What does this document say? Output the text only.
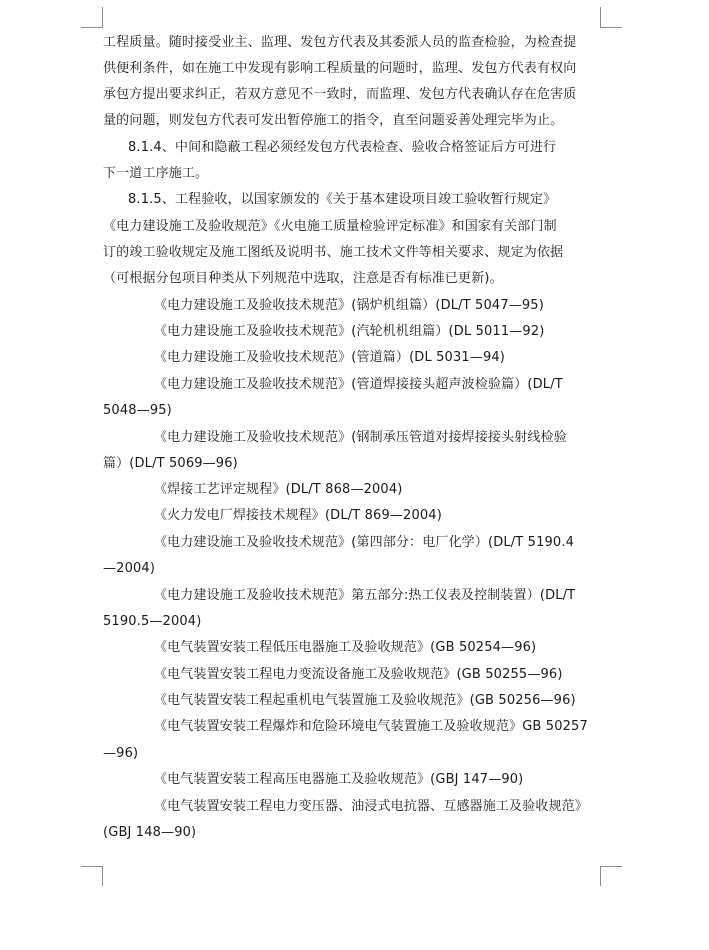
工程质量。随时接受业主、监理、发包方代表及其委派人员的监查检验，为检查提
供便利条件，如在施工中发现有影响工程质量的问题时，监理、发包方代表有权向
承包方提出要求纠正，若双方意见不一致时，而监理、发包方代表确认存在危害质
量的问题，则发包方代表可发出暂停施工的指令，直至问题妥善处理完毕为止。
8.1.4、中间和隐蔽工程必须经发包方代表检查、验收合格签证后方可进行
下一道工序施工。
8.1.5、工程验收，以国家颁发的《关于基本建设项目竣工验收暂行规定》
《电力建设施工及验收规范》《火电施工质量检验评定标准》和国家有关部门制
订的竣工验收规定及施工图纸及说明书、施工技术文件等相关要求、规定为依据
（可根据分包项目种类从下列规范中选取，注意是否有标准已更新)。
《电力建设施工及验收技术规范》(锅炉机组篇）(DL/T 5047—95)
《电力建设施工及验收技术规范》(汽轮机机组篇）(DL 5011—92)
《电力建设施工及验收技术规范》(管道篇）(DL 5031—94)
《电力建设施工及验收技术规范》(管道焊接接头超声波检验篇）(DL/T
5048—95)
《电力建设施工及验收技术规范》(钢制承压管道对接焊接接头射线检验
篇）(DL/T 5069—96)
《焊接工艺评定规程》(DL/T 868—2004)
《火力发电厂焊接技术规程》(DL/T 869—2004)
《电力建设施工及验收技术规范》(第四部分：电厂化学）(DL/T 5190.4
—2004)
《电力建设施工及验收技术规范》第五部分:热工仪表及控制装置）(DL/T
5190.5—2004)
《电气装置安装工程低压电器施工及验收规范》(GB 50254—96)
《电气装置安装工程电力变流设备施工及验收规范》(GB 50255—96)
《电气装置安装工程起重机电气装置施工及验收规范》(GB 50256—96)
《电气装置安装工程爆炸和危险环境电气装置施工及验收规范》GB 50257
—96)
《电气装置安装工程高压电器施工及验收规范》(GBJ 147—90)
《电气装置安装工程电力变压器、油浸式电抗器、互感器施工及验收规范》
(GBJ 148—90)
